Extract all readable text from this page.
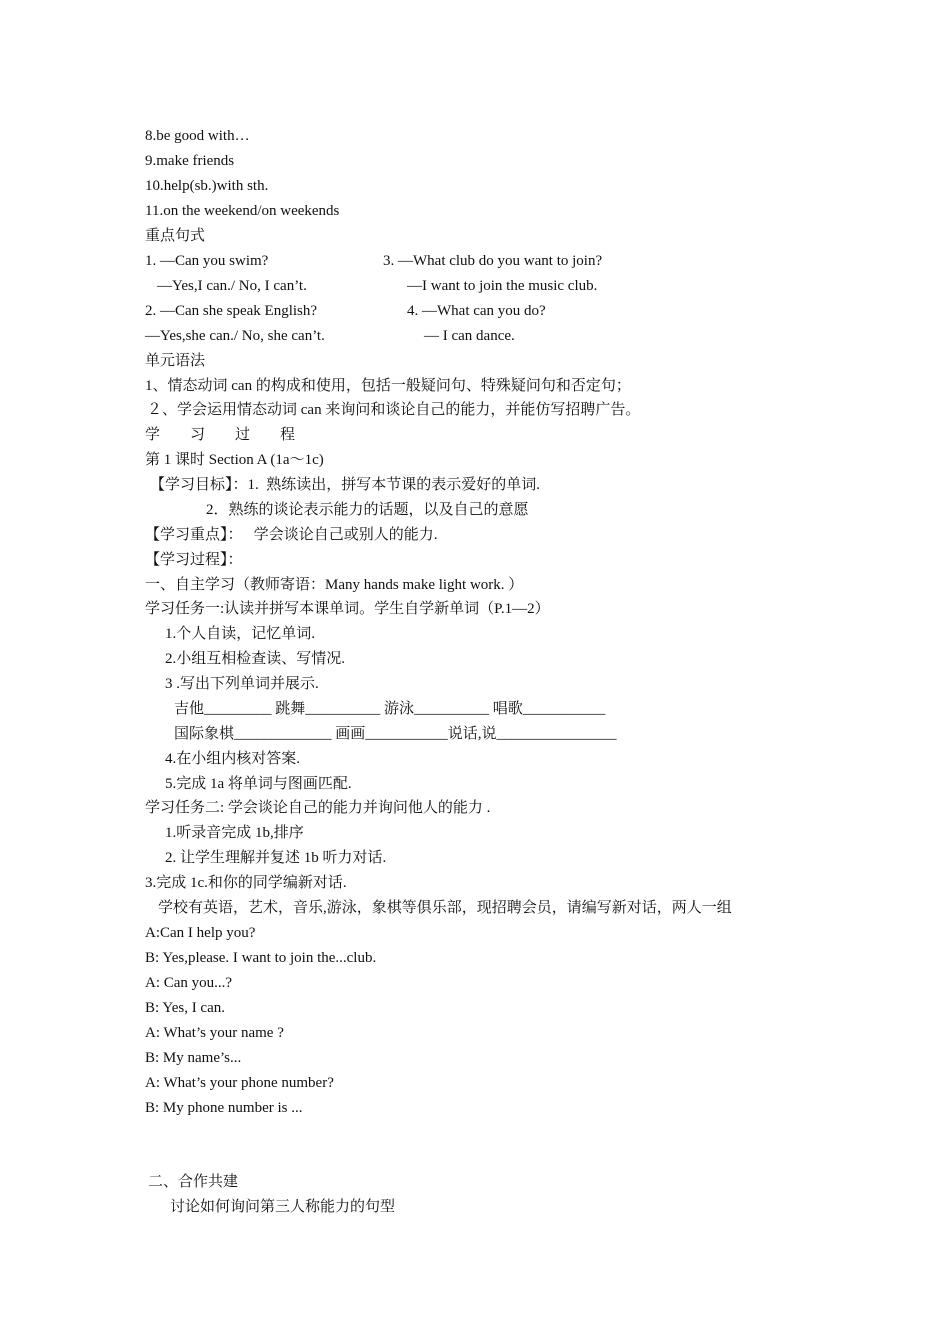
8.be good with…
9.make friends
10.help(sb.)with sth.
11.on the weekend/on weekends
重点句式
1. —Can you swim?	3. —What club do you want to join?
—Yes,I can./ No, I can’t.	—I want to join the music club.
2. —Can she speak English?	4. —What can you do?
—Yes,she can./ No, she can’t.	— I can dance.
单元语法
1、情态动词 can 的构成和使用，包括一般疑问句、特殊疑问句和否定句；
２、学会运用情态动词 can 来询问和谈论自己的能力，并能仿写招聘广告。
学　　习　　过　　程
第 1 课时 Section A (1a～1c)
【学习目标】：1.  熟练读出，拼写本节课的表示爱好的单词.
2．熟练的谈论表示能力的话题，以及自己的意愿
【学习重点】：　 学会谈论自己或别人的能力.
【学习过程】：
一、自主学习（教师寄语：Many hands make light work. ）
学习任务一:认读并拼写本课单词。学生自学新单词（P.1—2）
1.个人自读，记忆单词.
2.小组互相检查读、写情况.
3 .写出下列单词并展示.
吉他_________ 跳舞__________ 游泳__________ 唱歌___________
国际象棋_____________ 画画___________说话,说________________
4.在小组内核对答案.
5.完成 1a 将单词与图画匹配.
学习任务二: 学会谈论自己的能力并询问他人的能力 .
1.听录音完成 1b,排序
2. 让学生理解并复述 1b 听力对话.
3.完成 1c.和你的同学编新对话.
学校有英语，艺术，音乐,游泳，象棋等俱乐部，现招聘会员，请编写新对话，两人一组
A:Can I help you?
B: Yes,please. I want to join the...club.
A: Can you...?
B: Yes, I can.
A: What’s your name ?
B: My name’s...
A: What’s your phone number?
B: My phone number is ...
二、合作共建
讨论如何询问第三人称能力的句型
